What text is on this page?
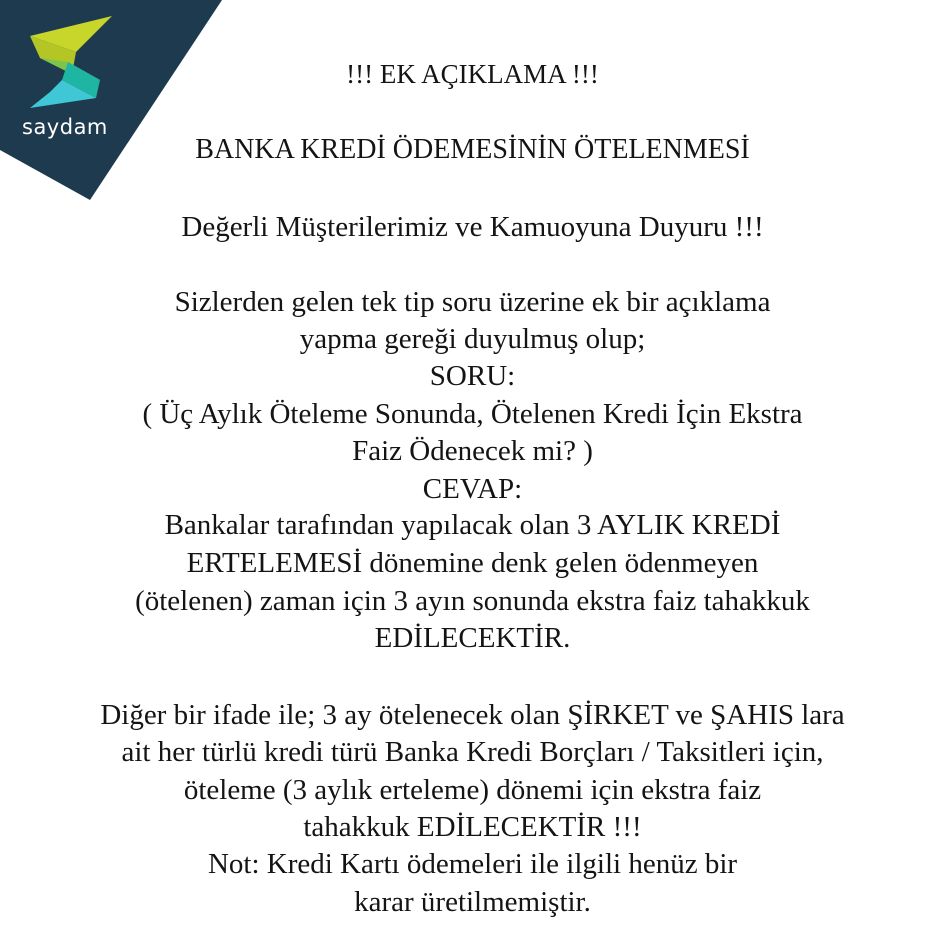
saydam
!!! EK AÇIKLAMA !!!
BANKA KREDİ ÖDEMESİNİN ÖTELENMESİ
Değerli Müşterilerimiz ve Kamuoyuna Duyuru !!!
Sizlerden gelen tek tip soru üzerine ek bir açıklama
yapma gereği duyulmuş olup;
SORU:
( Üç Aylık Öteleme Sonunda, Ötelenen Kredi İçin Ekstra
Faiz Ödenecek mi? )
CEVAP:
Bankalar tarafından yapılacak olan 3 AYLIK KREDİ
ERTELEMESİ dönemine denk gelen ödenmeyen
(ötelenen) zaman için 3 ayın sonunda ekstra faiz tahakkuk
EDİLECEKTİR.
Diğer bir ifade ile; 3 ay ötelenecek olan ŞİRKET ve ŞAHIS lara
ait her türlü kredi türü Banka Kredi Borçları / Taksitleri için,
öteleme (3 aylık erteleme) dönemi için ekstra faiz
tahakkuk EDİLECEKTİR !!!
Not: Kredi Kartı ödemeleri ile ilgili henüz bir
karar üretilmemiştir.
